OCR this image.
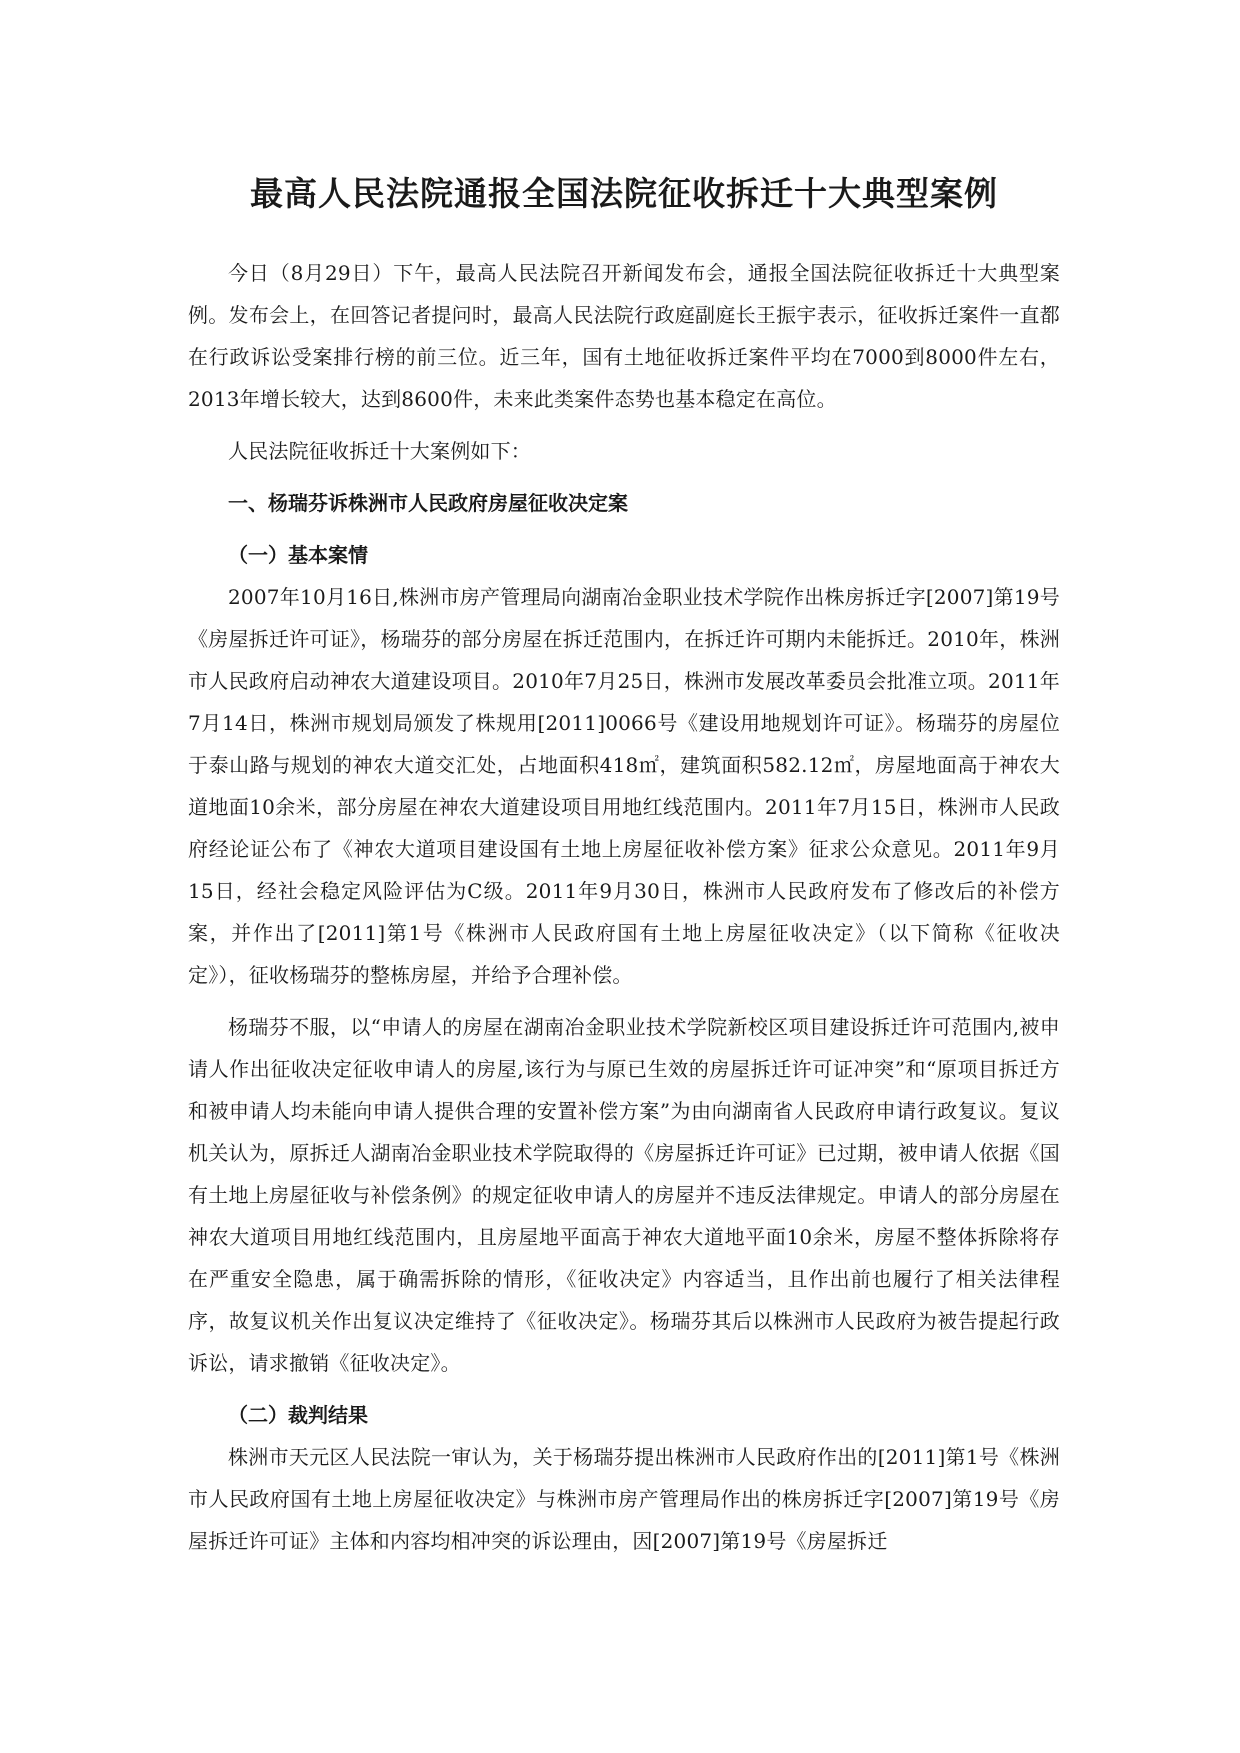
最高人民法院通报全国法院征收拆迁十大典型案例

今日（8月29日）下午，最高人民法院召开新闻发布会，通报全国法院征收拆迁十大典型案例。发布会上，在回答记者提问时，最高人民法院行政庭副庭长王振宇表示，征收拆迁案件一直都在行政诉讼受案排行榜的前三位。近三年，国有土地征收拆迁案件平均在7000到8000件左右，2013年增长较大，达到8600件，未来此类案件态势也基本稳定在高位。

人民法院征收拆迁十大案例如下：

一、杨瑞芬诉株洲市人民政府房屋征收决定案
（一）基本案情

2007年10月16日,株洲市房产管理局向湖南冶金职业技术学院作出株房拆迁字[2007]第19号《房屋拆迁许可证》，杨瑞芬的部分房屋在拆迁范围内，在拆迁许可期内未能拆迁。2010年，株洲市人民政府启动神农大道建设项目。2010年7月25日，株洲市发展改革委员会批准立项。2011年7月14日，株洲市规划局颁发了株规用[2011]0066号《建设用地规划许可证》。杨瑞芬的房屋位于泰山路与规划的神农大道交汇处，占地面积418㎡，建筑面积582.12㎡，房屋地面高于神农大道地面10余米，部分房屋在神农大道建设项目用地红线范围内。2011年7月15日，株洲市人民政府经论证公布了《神农大道项目建设国有土地上房屋征收补偿方案》征求公众意见。2011年9月15日，经社会稳定风险评估为C级。2011年9月30日，株洲市人民政府发布了修改后的补偿方案，并作出了[2011]第1号《株洲市人民政府国有土地上房屋征收决定》（以下简称《征收决定》），征收杨瑞芬的整栋房屋，并给予合理补偿。

杨瑞芬不服，以“申请人的房屋在湖南冶金职业技术学院新校区项目建设拆迁许可范围内,被申请人作出征收决定征收申请人的房屋,该行为与原已生效的房屋拆迁许可证冲突”和“原项目拆迁方和被申请人均未能向申请人提供合理的安置补偿方案”为由向湖南省人民政府申请行政复议。复议机关认为，原拆迁人湖南冶金职业技术学院取得的《房屋拆迁许可证》已过期，被申请人依据《国有土地上房屋征收与补偿条例》的规定征收申请人的房屋并不违反法律规定。申请人的部分房屋在神农大道项目用地红线范围内，且房屋地平面高于神农大道地平面10余米，房屋不整体拆除将存在严重安全隐患，属于确需拆除的情形，《征收决定》内容适当，且作出前也履行了相关法律程序，故复议机关作出复议决定维持了《征收决定》。杨瑞芬其后以株洲市人民政府为被告提起行政诉讼，请求撤销《征收决定》。

（二）裁判结果

株洲市天元区人民法院一审认为，关于杨瑞芬提出株洲市人民政府作出的[2011]第1号《株洲市人民政府国有土地上房屋征收决定》与株洲市房产管理局作出的株房拆迁字[2007]第19号《房屋拆迁许可证》主体和内容均相冲突的诉讼理由，因[2007]第19号《房屋拆迁
